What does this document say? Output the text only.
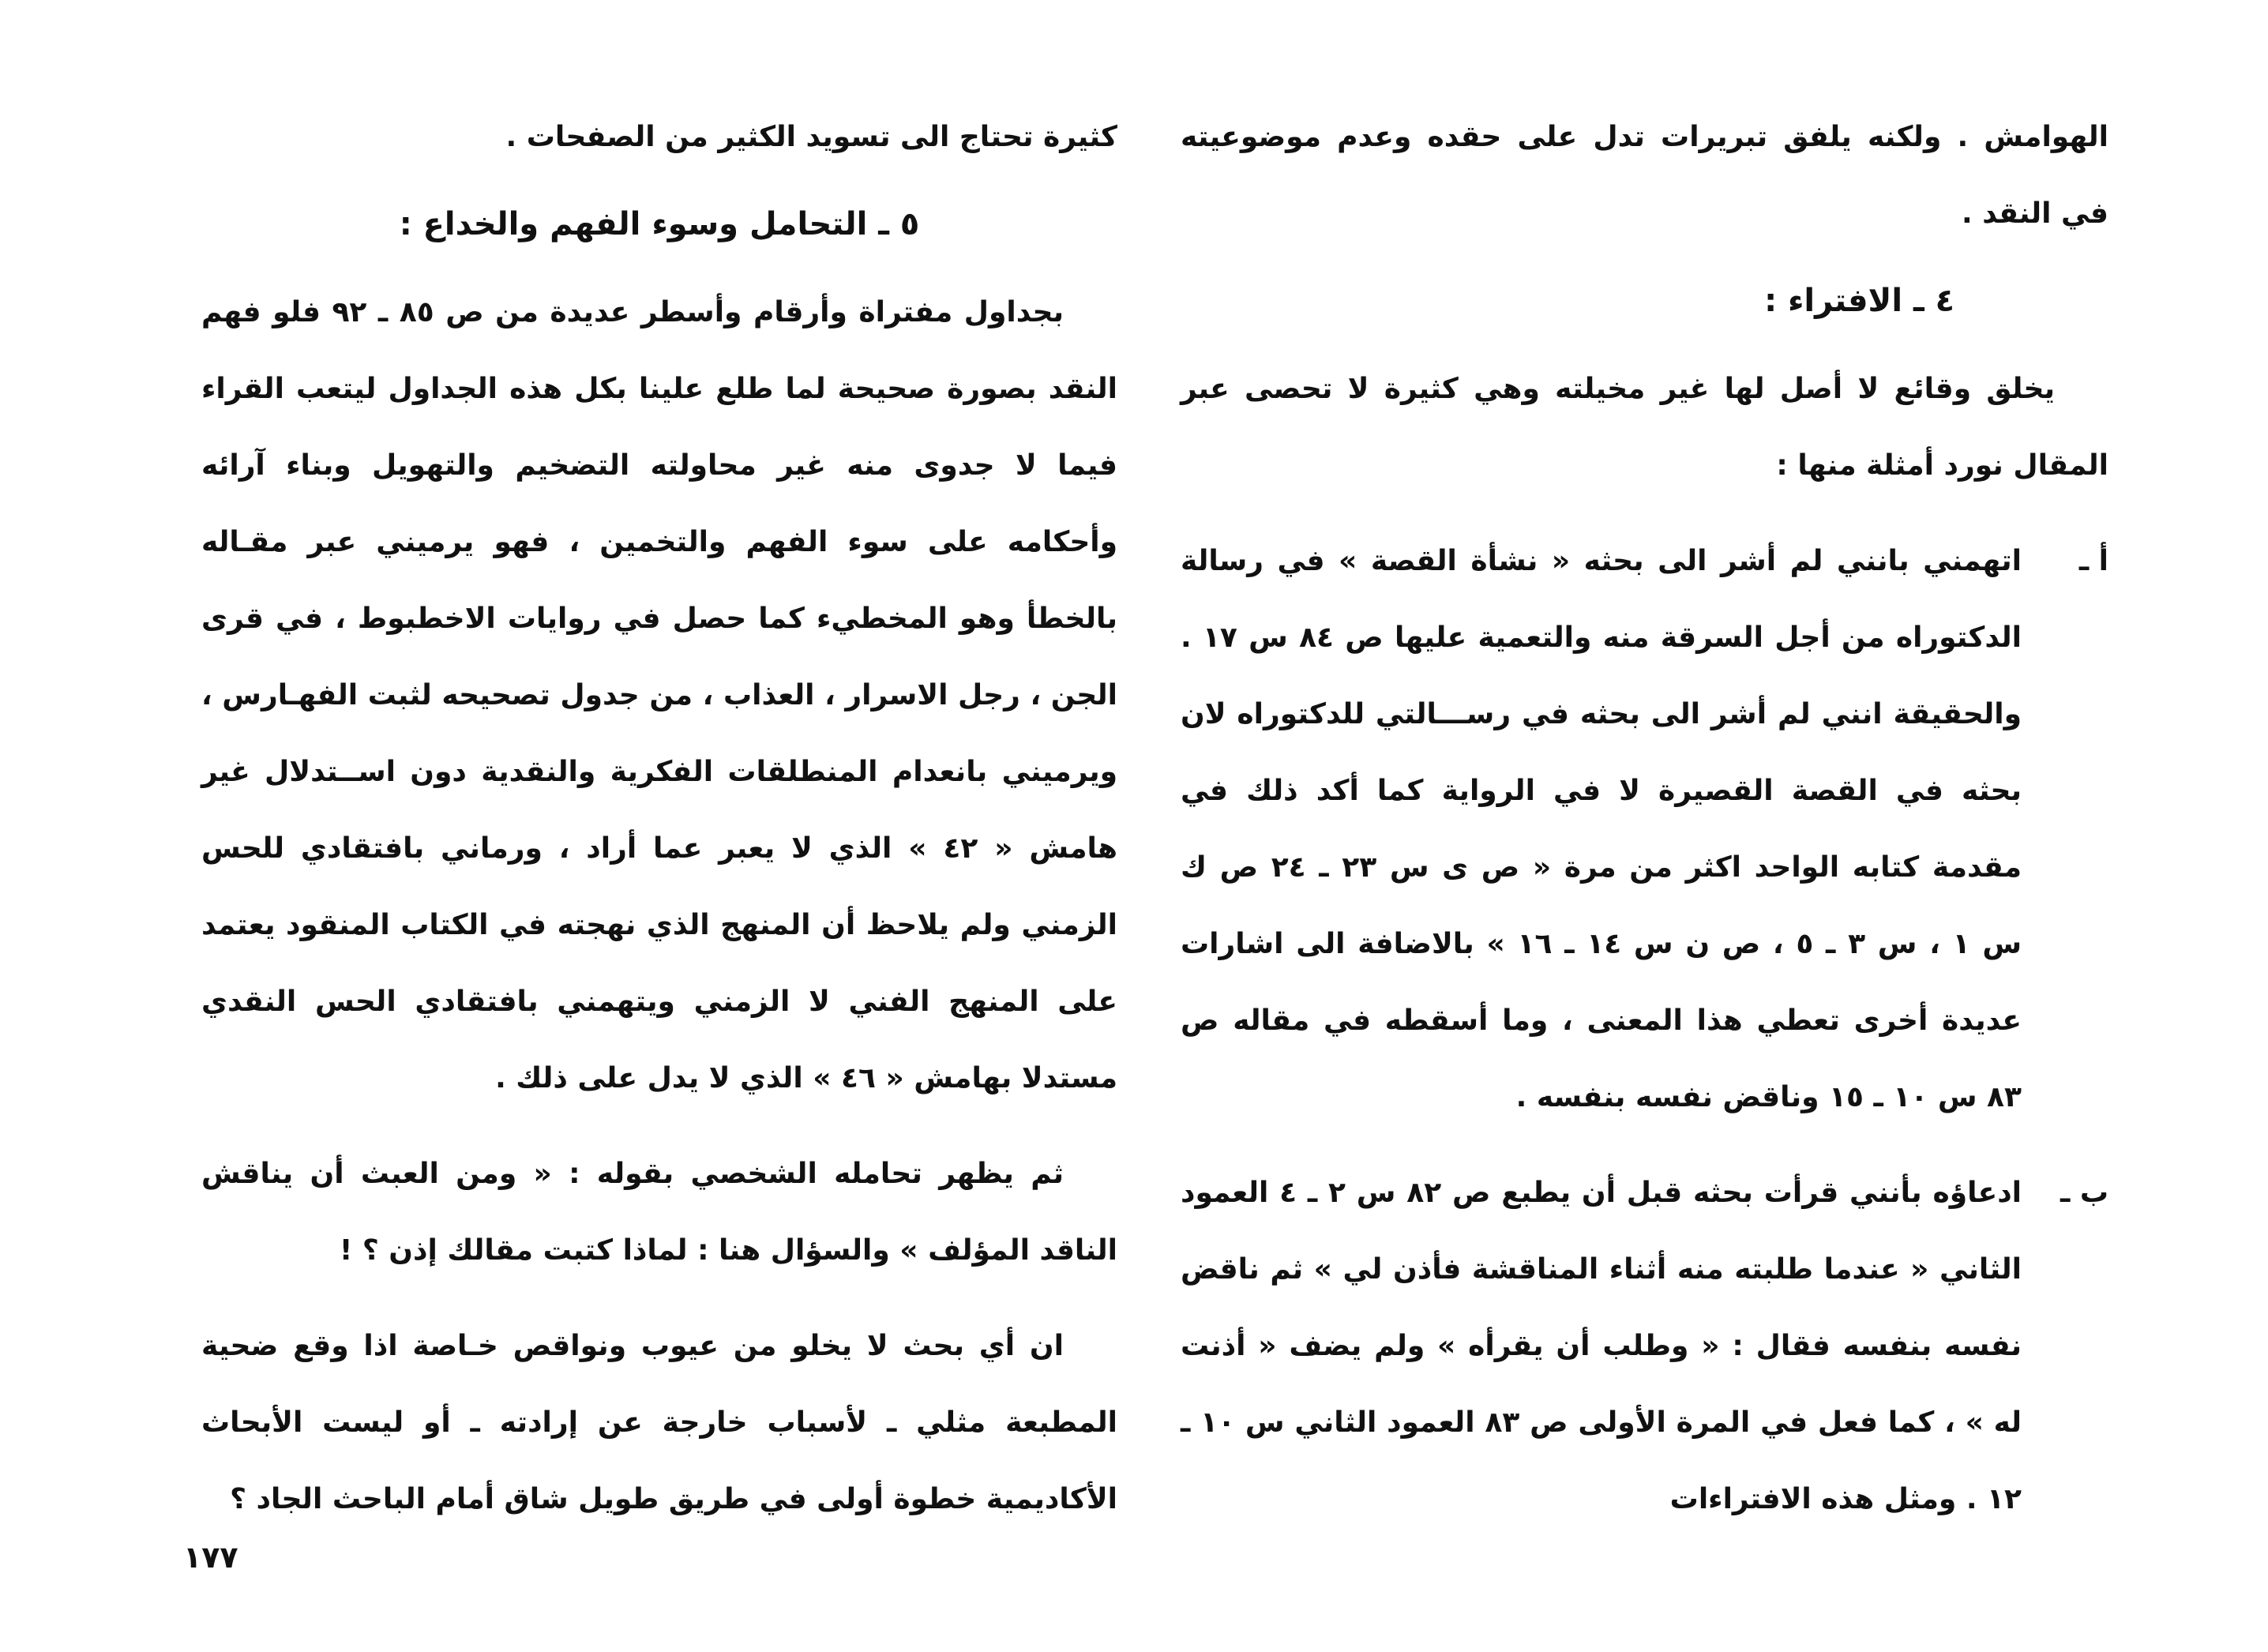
الهوامش . ولكنه يلفق تبريرات تدل على حقده وعدم موضوعيته في النقد .

٤ ـ الافتراء :

يخلق وقائع لا أصل لها غير مخيلته وهي كثيرة لا تحصى عبر المقال نورد أمثلة منها :

أ ـ

اتهمني بانني لم أشر الى بحثه « نشأة القصة » في رسالة الدكتوراه من أجل السرقة منه والتعمية عليها ص ٨٤ س ١٧ . والحقيقة انني لم أشر الى بحثه في رســـالتي للدكتوراه لان بحثه في القصة القصيرة لا في الرواية كما أكد ذلك في مقدمة كتابه الواحد اكثر من مرة « ص ى س ٢٣ ـ ٢٤ ص ك س ١ ، س ٣ ـ ٥ ، ص ن س ١٤ ـ ١٦ » بالاضافة الى اشارات عديدة أخرى تعطي هذا المعنى ، وما أسقطه في مقاله ص ٨٣ س ١٠ ـ ١٥ وناقض نفسه بنفسه .

ب ـ

ادعاؤه بأنني قرأت بحثه قبل أن يطبع ص ٨٢ س ٢ ـ ٤ العمود الثاني « عندما طلبته منه أثناء المناقشة فأذن لي » ثم ناقض نفسه بنفسه فقال : « وطلب أن يقرأه » ولم يضف « أذنت له » ، كما فعل في المرة الأولى ص ٨٣ العمود الثاني س ١٠ ـ ١٢ . ومثل هذه الافتراءات

كثيرة تحتاج الى تسويد الكثير من الصفحات .

٥ ـ التحامل وسوء الفهم والخداع :

بجداول مفتراة وأرقام وأسطر عديدة من ص ٨٥ ـ ٩٢ فلو فهم النقد بصورة صحيحة لما طلع علينا بكل هذه الجداول ليتعب القراء فيما لا جدوى منه غير محاولته التضخيم والتهويل وبناء آرائه وأحكامه على سوء الفهم والتخمين ، فهو يرميني عبر مقـاله بالخطأ وهو المخطيء كما حصل في روايات الاخطبوط ، في قرى الجن ، رجل الاسرار ، العذاب ، من جدول تصحيحه لثبت الفهـارس ، ويرميني بانعدام المنطلقات الفكرية والنقدية دون اســتدلال غير هامش « ٤٢ » الذي لا يعبر عما أراد ، ورماني بافتقادي للحس الزمني ولم يلاحظ أن المنهج الذي نهجته في الكتاب المنقود يعتمد على المنهج الفني لا الزمني ويتهمني بافتقادي الحس النقدي مستدلا بهامش « ٤٦ » الذي لا يدل على ذلك .

ثم يظهر تحامله الشخصي بقوله : « ومن العبث أن يناقش الناقد المؤلف » والسؤال هنا : لماذا كتبت مقالك إذن ؟ !

ان أي بحث لا يخلو من عيوب ونواقص خـاصة اذا وقع ضحية المطبعة مثلي ـ لأسباب خارجة عن إرادته ـ أو ليست الأبحاث الأكاديمية خطوة أولى في طريق طويل شاق أمام الباحث الجاد ؟

١٧٧
